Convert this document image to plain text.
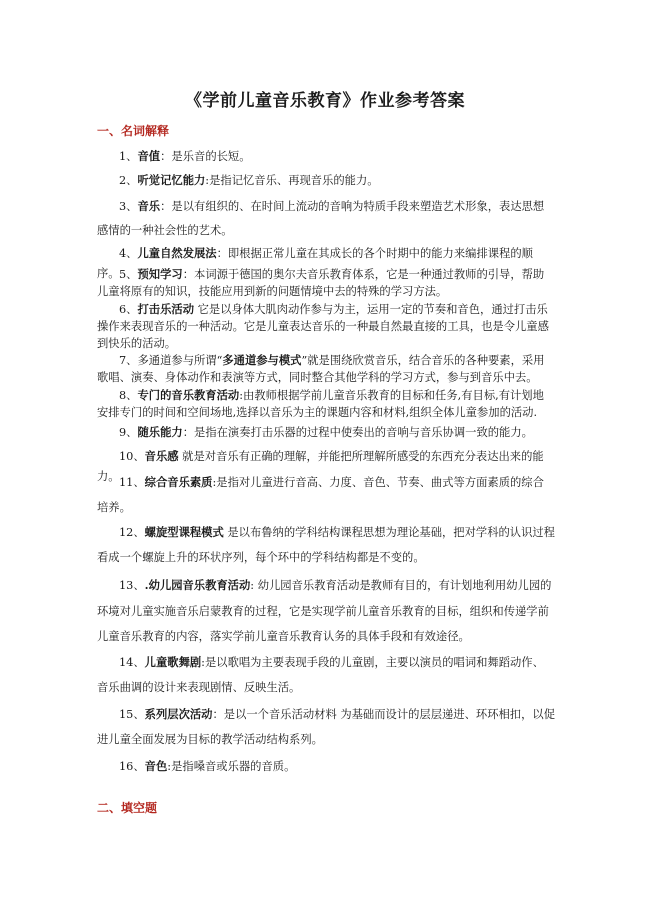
《学前儿童音乐教育》作业参考答案
一、名词解释
1、音值：是乐音的长短。
2、听觉记忆能力:是指记忆音乐、再现音乐的能力。
3、音乐：是以有组织的、在时间上流动的音响为特质手段来塑造艺术形象，表达思想感情的一种社会性的艺术。
4、儿童自然发展法：即根据正常儿童在其成长的各个时期中的能力来编排课程的顺序。 5、预知学习：本词源于德国的奥尔夫音乐教育体系，它是一种通过教师的引导，帮助儿童将原有的知识，技能应用到新的问题情境中去的特殊的学习方法。
6、打击乐活动 它是以身体大肌肉动作参与为主，运用一定的节奏和音色，通过打击乐操作来表现音乐的一种活动。它是儿童表达音乐的一种最自然最直接的工具，也是令儿童感到快乐的活动。
7、多通道参与所谓“多通道参与模式”就是围绕欣赏音乐，结合音乐的各种要素，采用歌唱、演奏、身体动作和表演等方式，同时整合其他学科的学习方式，参与到音乐中去。
8、专门的音乐教育活动:由教师根据学前儿童音乐教育的目标和任务,有目标,有计划地安排专门的时间和空间场地,选择以音乐为主的课题内容和材料,组织全体儿童参加的活动.
9、随乐能力：是指在演奏打击乐器的过程中使奏出的音响与音乐协调一致的能力。
10、音乐感 就是对音乐有正确的理解，并能把所理解所感受的东西充分表达出来的能力。 11、综合音乐素质:是指对儿童进行音高、力度、音色、节奏、曲式等方面素质的综合培养。
12、螺旋型课程模式 是以布鲁纳的学科结构课程思想为理论基础，把对学科的认识过程看成一个螺旋上升的环状序列，每个环中的学科结构都是不变的。
13、.幼儿园音乐教育活动: 幼儿园音乐教育活动是教师有目的，有计划地利用幼儿园的环境对儿童实施音乐启蒙教育的过程，它是实现学前儿童音乐教育的目标，组织和传递学前儿童音乐教育的内容，落实学前儿童音乐教育认务的具体手段和有效途径。
14、儿童歌舞剧:是以歌唱为主要表现手段的儿童剧，主要以演员的唱词和舞蹈动作、音乐曲调的设计来表现剧情、反映生活。
15、系列层次活动：是以一个音乐活动材料 为基础而设计的层层递进、环环相扣，以促进儿童全面发展为目标的教学活动结构系列。
16、音色:是指嗓音或乐器的音质。
二、填空题
